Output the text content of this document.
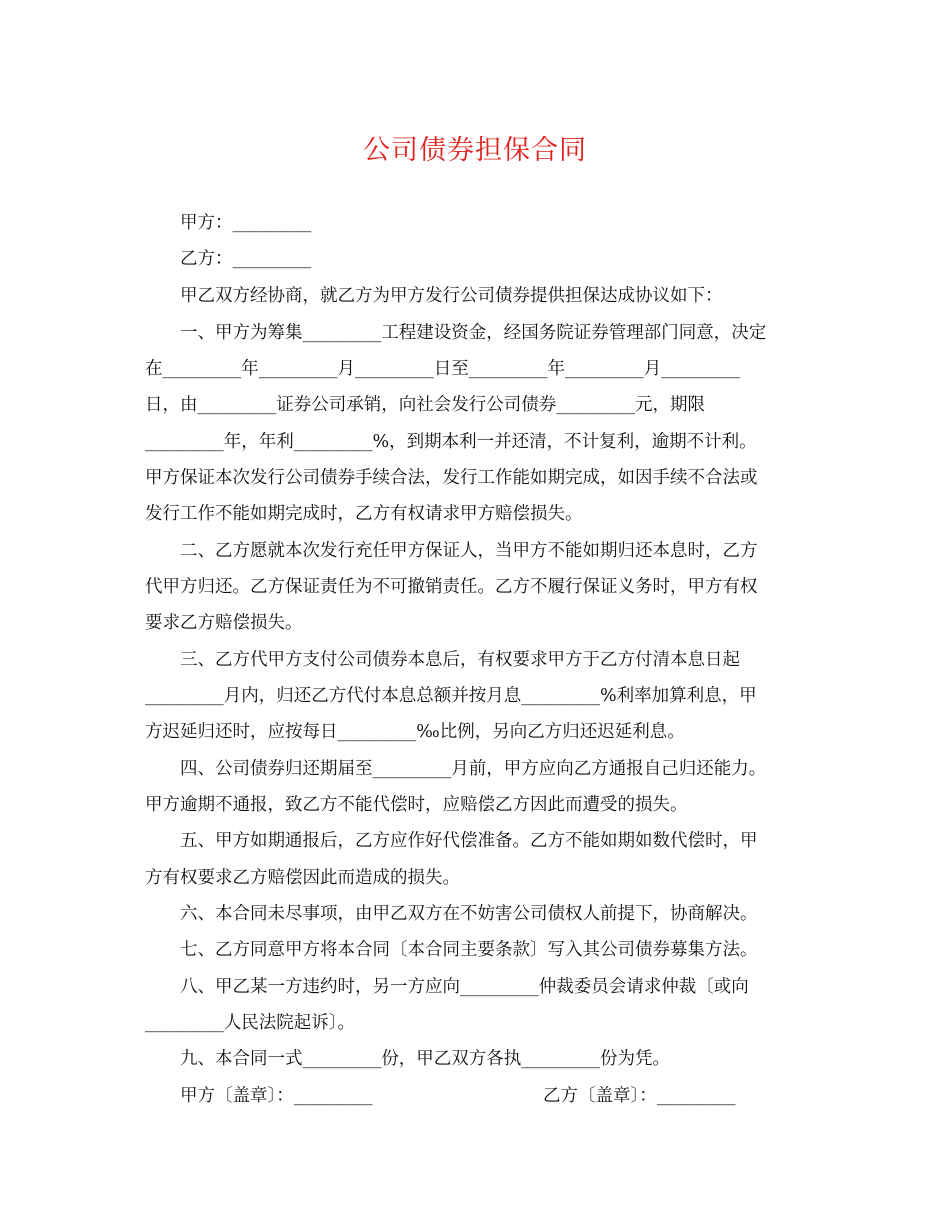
公司债券担保合同
甲方：_________
乙方：_________
甲乙双方经协商，就乙方为甲方发行公司债券提供担保达成协议如下：
一、甲方为筹集_________工程建设资金，经国务院证券管理部门同意，决定
在_________年_________月_________日至_________年_________月_________
日，由_________证券公司承销，向社会发行公司债券_________元，期限
_________年，年利_________%，到期本利一并还清，不计复利，逾期不计利。
甲方保证本次发行公司债券手续合法，发行工作能如期完成，如因手续不合法或
发行工作不能如期完成时，乙方有权请求甲方赔偿损失。
二、乙方愿就本次发行充任甲方保证人，当甲方不能如期归还本息时，乙方
代甲方归还。乙方保证责任为不可撤销责任。乙方不履行保证义务时，甲方有权
要求乙方赔偿损失。
三、乙方代甲方支付公司债券本息后，有权要求甲方于乙方付清本息日起
_________月内，归还乙方代付本息总额并按月息_________%利率加算利息，甲
方迟延归还时，应按每日_________‰比例，另向乙方归还迟延利息。
四、公司债券归还期届至_________月前，甲方应向乙方通报自己归还能力。
甲方逾期不通报，致乙方不能代偿时，应赔偿乙方因此而遭受的损失。
五、甲方如期通报后，乙方应作好代偿准备。乙方不能如期如数代偿时，甲
方有权要求乙方赔偿因此而造成的损失。
六、本合同未尽事项，由甲乙双方在不妨害公司债权人前提下，协商解决。
七、乙方同意甲方将本合同〔本合同主要条款〕写入其公司债券募集方法。
八、甲乙某一方违约时，另一方应向_________仲裁委员会请求仲裁〔或向
_________人民法院起诉〕。
九、本合同一式_________份，甲乙双方各执_________份为凭。
甲方〔盖章〕：_________	乙方〔盖章〕：_________
